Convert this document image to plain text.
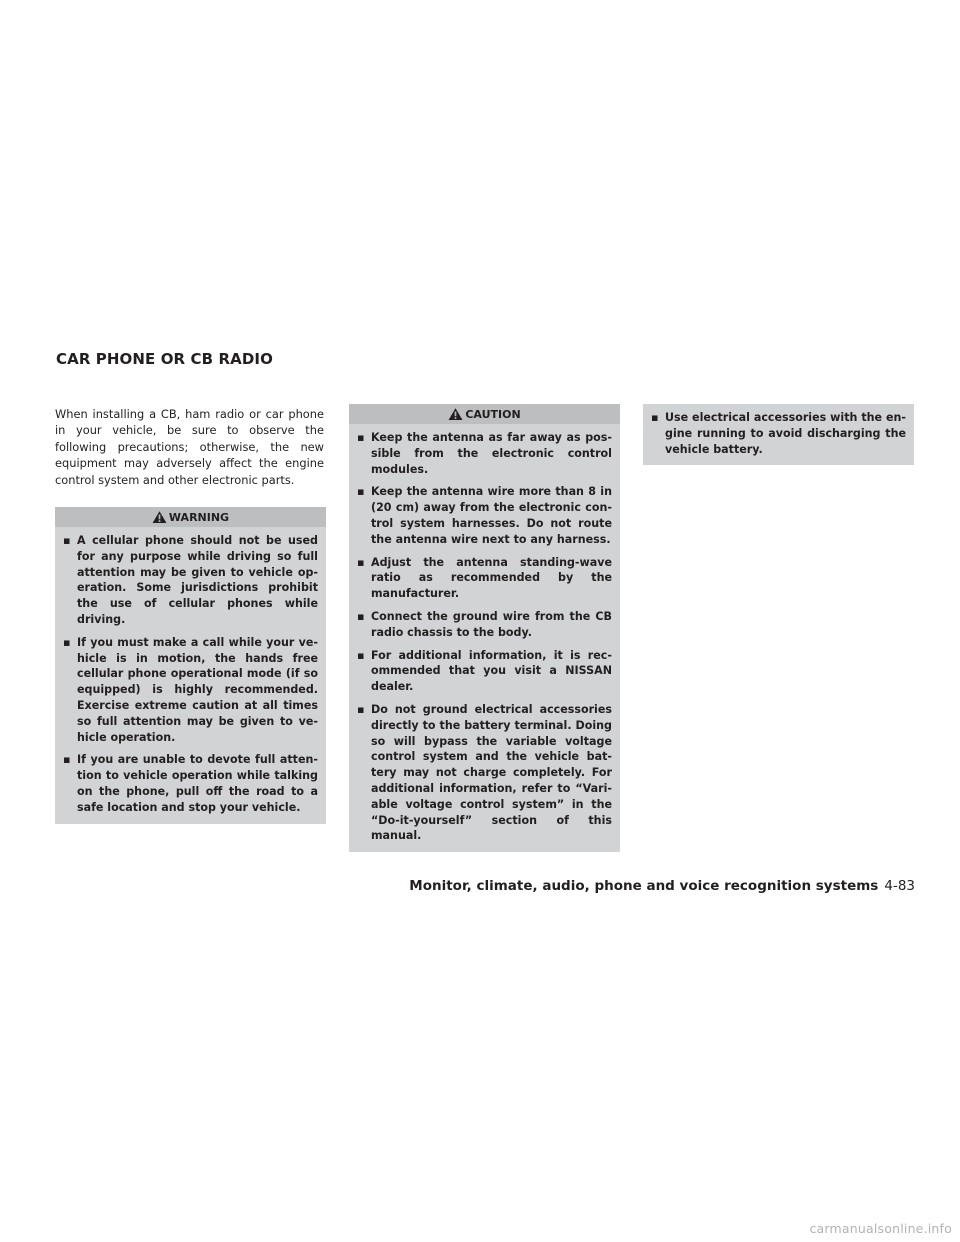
CAR PHONE OR CB RADIO

When installing a CB, ham radio or car phone in your vehicle, be sure to observe the following precautions; otherwise, the new equipment may adversely affect the engine control system and other electronic parts.

WARNING
▪ A cellular phone should not be used for any purpose while driving so full attention may be given to vehicle operation. Some jurisdictions prohibit the use of cellular phones while driving.
▪ If you must make a call while your vehicle is in motion, the hands free cellular phone operational mode (if so equipped) is highly recommended. Exercise extreme caution at all times so full attention may be given to vehicle operation.
▪ If you are unable to devote full attention to vehicle operation while talking on the phone, pull off the road to a safe location and stop your vehicle.
CAUTION
▪ Keep the antenna as far away as possible from the electronic control modules.
▪ Keep the antenna wire more than 8 in (20 cm) away from the electronic control system harnesses. Do not route the antenna wire next to any harness.
▪ Adjust the antenna standing-wave ratio as recommended by the manufacturer.
▪ Connect the ground wire from the CB radio chassis to the body.
▪ For additional information, it is recommended that you visit a NISSAN dealer.
▪ Do not ground electrical accessories directly to the battery terminal. Doing so will bypass the variable voltage control system and the vehicle battery may not charge completely. For additional information, refer to “Variable voltage control system” in the “Do-it-yourself” section of this manual.
▪ Use electrical accessories with the engine running to avoid discharging the vehicle battery.
Monitor, climate, audio, phone and voice recognition systems 4-83
carmanualsonline.info
